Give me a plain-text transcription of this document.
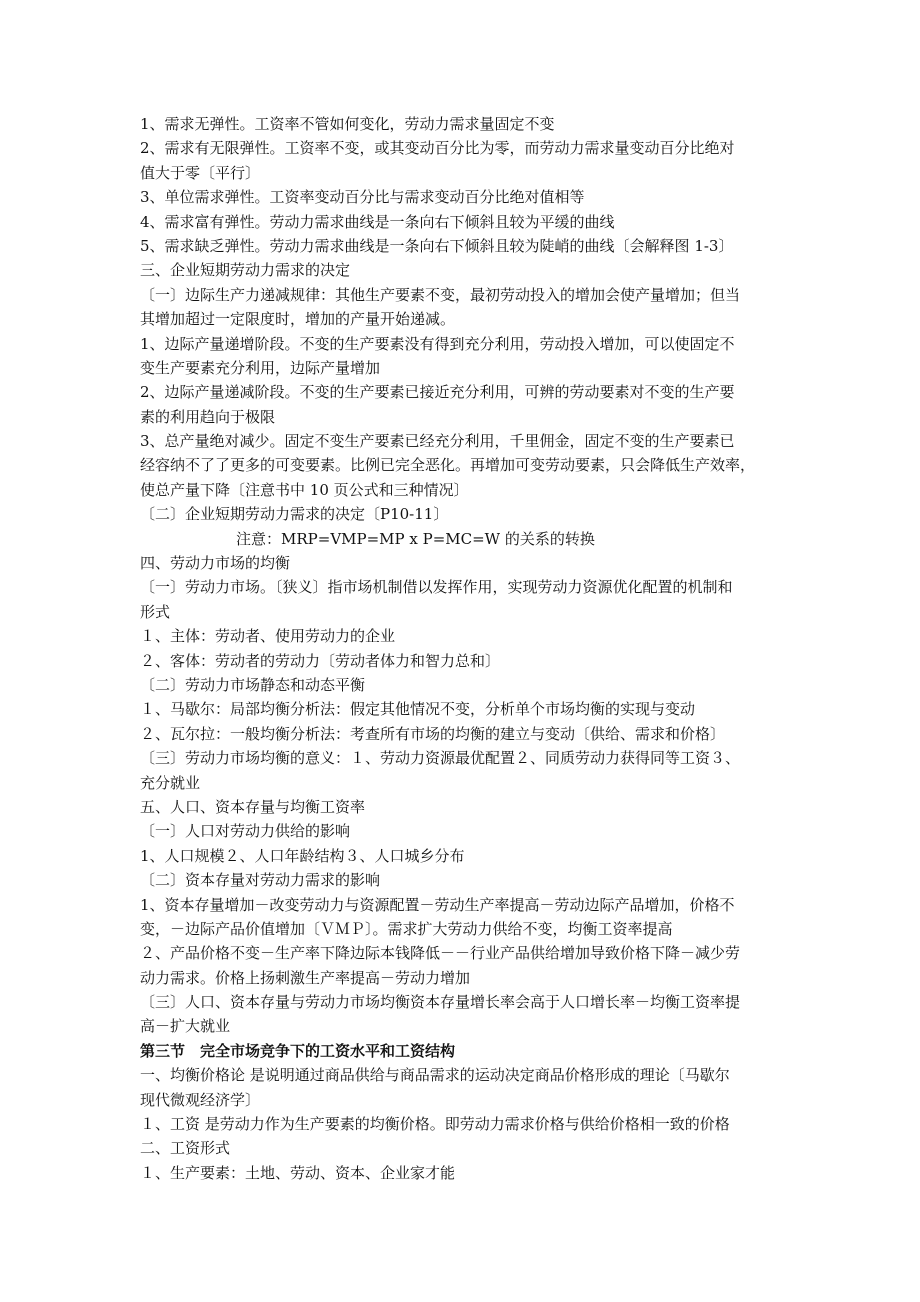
1、需求无弹性。工资率不管如何变化，劳动力需求量固定不变
2、需求有无限弹性。工资率不变，或其变动百分比为零，而劳动力需求量变动百分比绝对
值大于零〔平行〕
3、单位需求弹性。工资率变动百分比与需求变动百分比绝对值相等
4、需求富有弹性。劳动力需求曲线是一条向右下倾斜且较为平缓的曲线
5、需求缺乏弹性。劳动力需求曲线是一条向右下倾斜且较为陡峭的曲线〔会解释图 1-3〕
三、企业短期劳动力需求的决定
〔一〕边际生产力递减规律：其他生产要素不变，最初劳动投入的增加会使产量增加；但当
其增加超过一定限度时，增加的产量开始递减。
1、边际产量递增阶段。不变的生产要素没有得到充分利用，劳动投入增加，可以使固定不
变生产要素充分利用，边际产量增加
2、边际产量递减阶段。不变的生产要素已接近充分利用，可辨的劳动要素对不变的生产要
素的利用趋向于极限
3、总产量绝对减少。固定不变生产要素已经充分利用，千里佣金，固定不变的生产要素已
经容纳不了了更多的可变要素。比例已完全恶化。再增加可变劳动要素，只会降低生产效率，
使总产量下降〔注意书中 10 页公式和三种情况〕
〔二〕企业短期劳动力需求的决定〔P10-11〕
注意：MRP=VMP=MP x P=MC=W 的关系的转换
四、劳动力市场的均衡
〔一〕劳动力市场。〔狭义〕指市场机制借以发挥作用，实现劳动力资源优化配置的机制和
形式
１、主体：劳动者、使用劳动力的企业
２、客体：劳动者的劳动力〔劳动者体力和智力总和〕
〔二〕劳动力市场静态和动态平衡
１、马歇尔：局部均衡分析法：假定其他情况不变，分析单个市场均衡的实现与变动
２、瓦尔拉：一般均衡分析法：考查所有市场的均衡的建立与变动〔供给、需求和价格〕
〔三〕劳动力市场均衡的意义：１、劳动力资源最优配置２、同质劳动力获得同等工资３、
充分就业
五、人口、资本存量与均衡工资率
〔一〕人口对劳动力供给的影响
1、人口规模２、人口年龄结构３、人口城乡分布
〔二〕资本存量对劳动力需求的影响
1、资本存量增加－改变劳动力与资源配置－劳动生产率提高－劳动边际产品增加，价格不
变，－边际产品价值增加〔ＶＭＰ〕。需求扩大劳动力供给不变，均衡工资率提高
２、产品价格不变－生产率下降边际本钱降低－－行业产品供给增加导致价格下降－减少劳
动力需求。价格上扬刺激生产率提高－劳动力增加
〔三〕人口、资本存量与劳动力市场均衡资本存量增长率会高于人口增长率－均衡工资率提
高－扩大就业
第三节　完全市场竞争下的工资水平和工资结构
一、均衡价格论 是说明通过商品供给与商品需求的运动决定商品价格形成的理论〔马歇尔
现代微观经济学〕
１、工资 是劳动力作为生产要素的均衡价格。即劳动力需求价格与供给价格相一致的价格
二、工资形式
１、生产要素：土地、劳动、资本、企业家才能
